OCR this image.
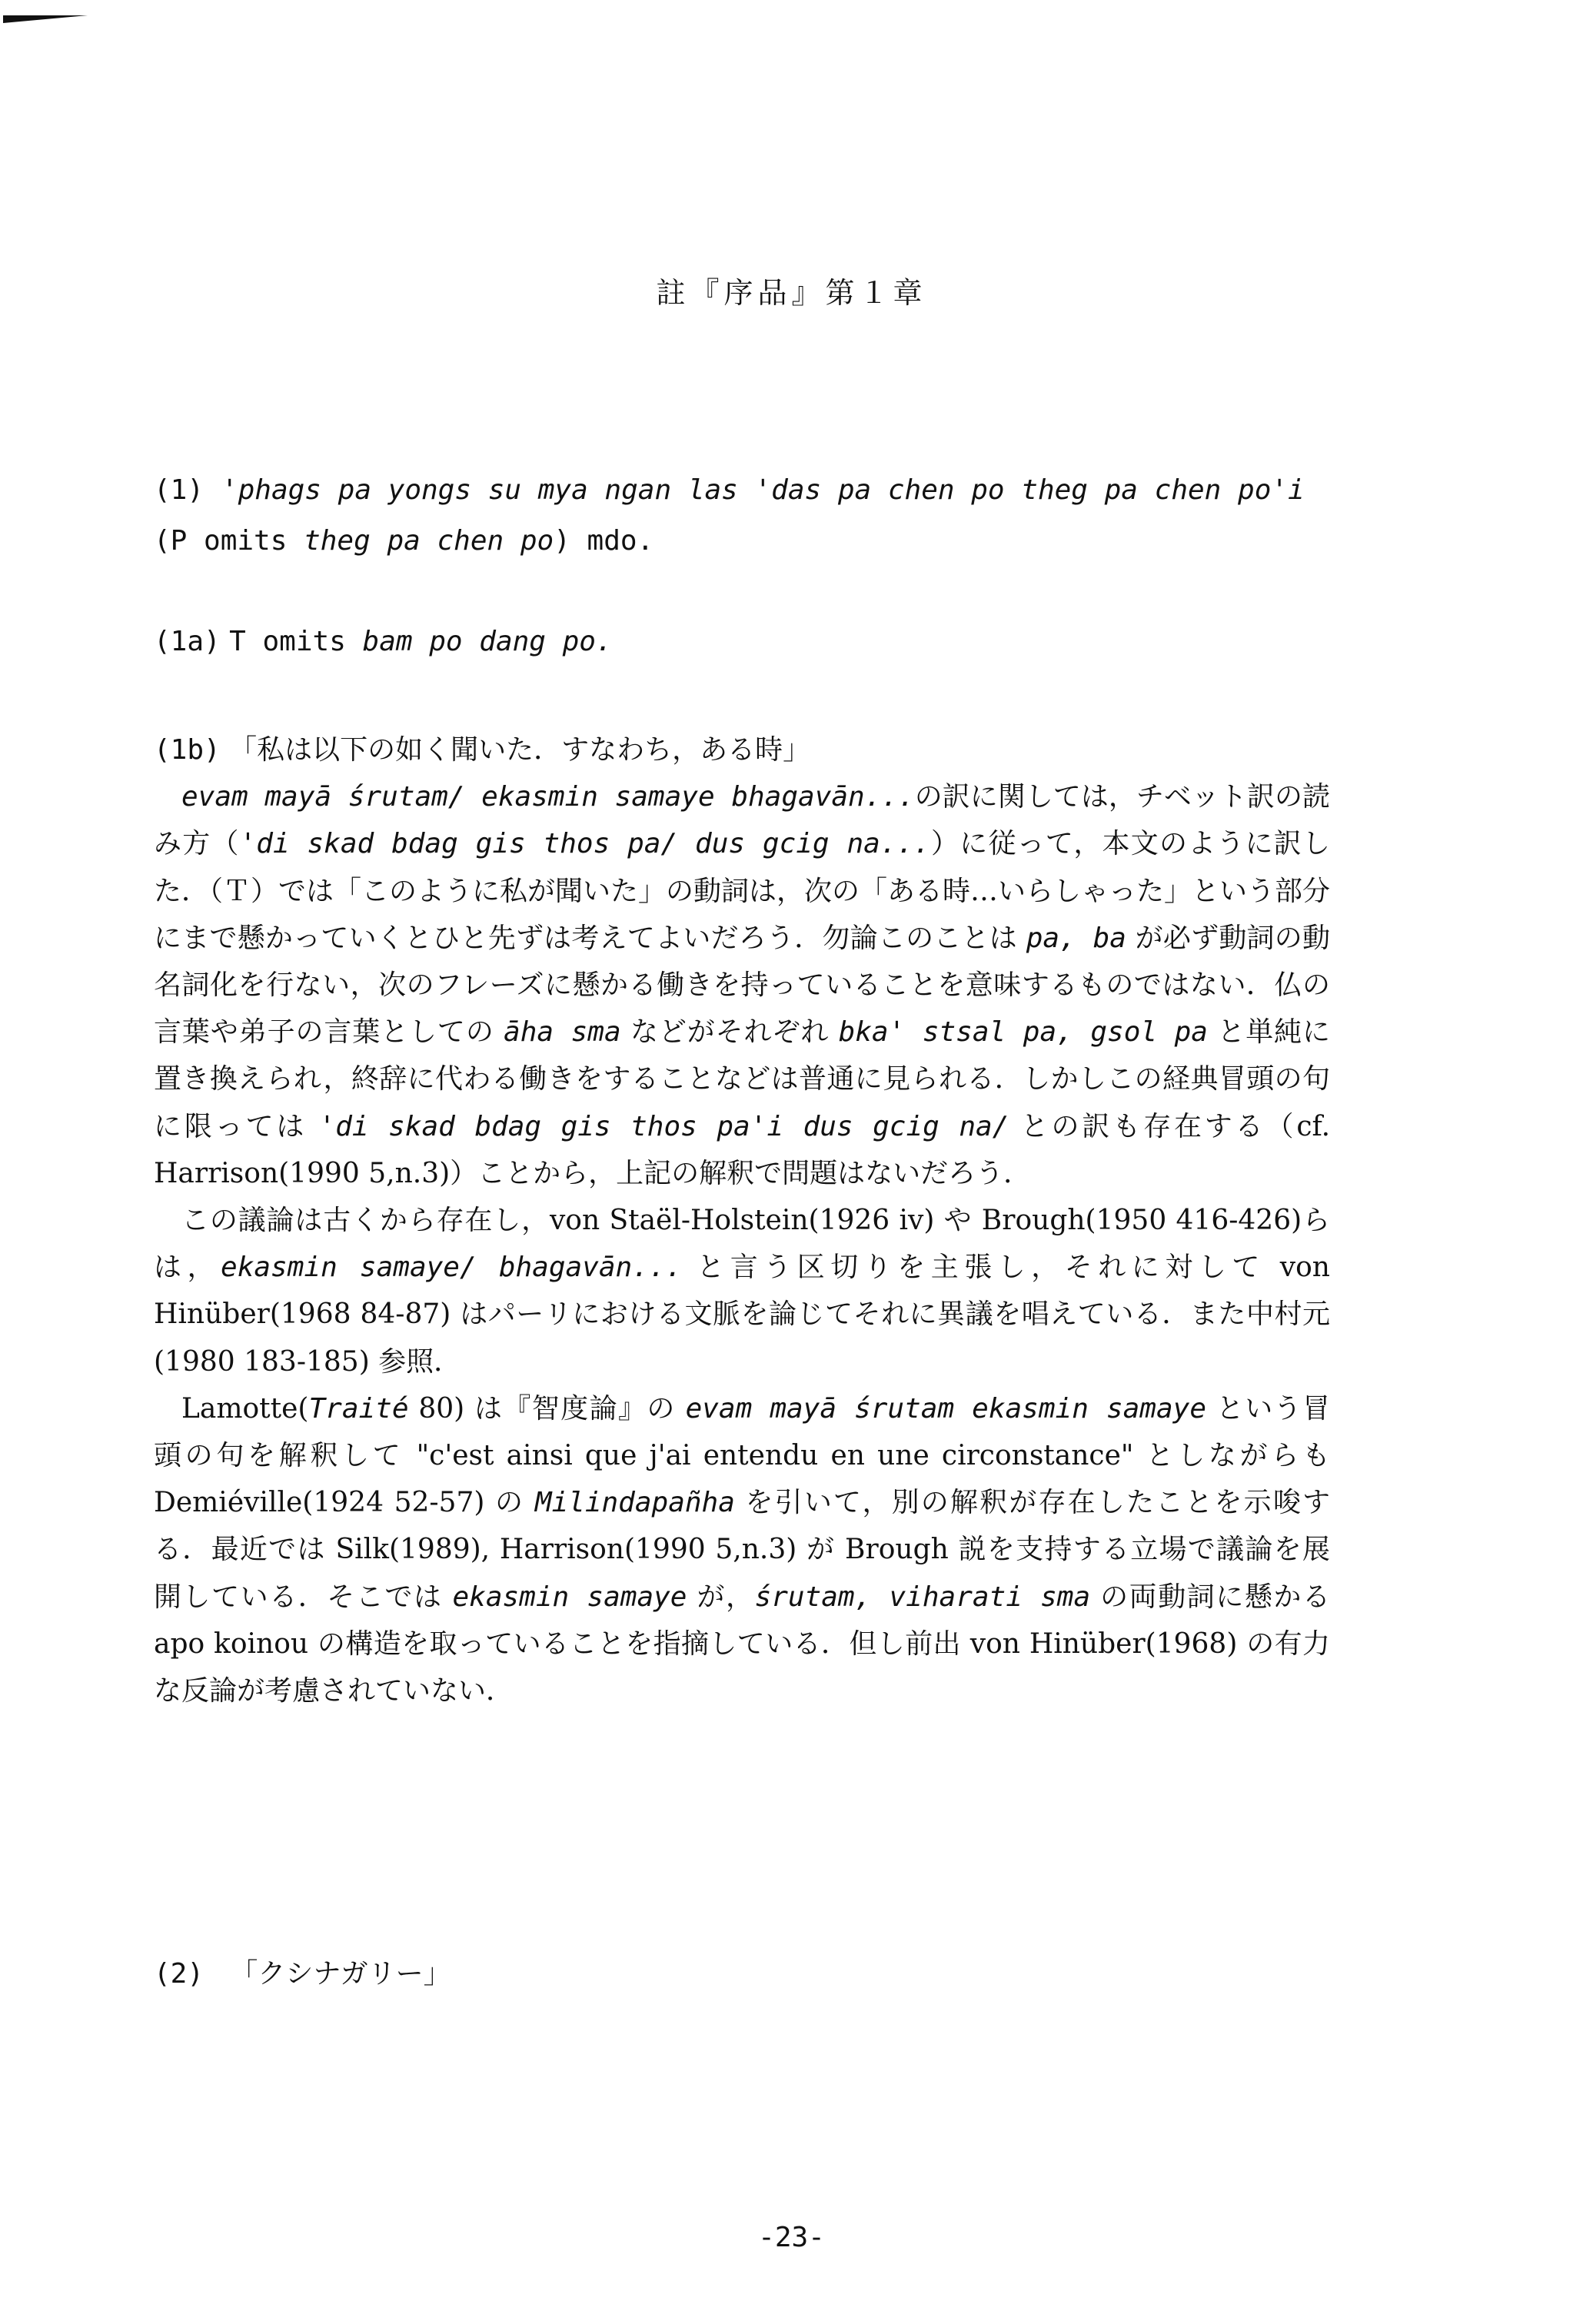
註『序品』第１章
(1) 'phags pa yongs su mya ngan las 'das pa chen po theg pa chen po'i
(P omits theg pa chen po) mdo.
(1a) T omits bam po dang po.

(1b) 「私は以下の如く聞いた．すなわち，ある時」

evam mayā śrutam/ ekasmin samaye bhagavān...の訳に関しては，チベット訳の読み方（'di skad bdag gis thos pa/ dus gcig na...）に従って，本文のように訳した．（Ｔ）では「このように私が聞いた」の動詞は，次の「ある時…いらしゃった」という部分にまで懸かっていくとひと先ずは考えてよいだろう．勿論このことは pa, ba が必ず動詞の動名詞化を行ない，次のフレーズに懸かる働きを持っていることを意味するものではない．仏の言葉や弟子の言葉としての āha sma などがそれぞれ bka' stsal pa, gsol pa と単純に置き換えられ，終辞に代わる働きをすることなどは普通に見られる．しかしこの経典冒頭の句に限っては 'di skad bdag gis thos pa'i dus gcig na/ との訳も存在する（cf. Harrison(1990 5,n.3)）ことから，上記の解釈で問題はないだろう．

この議論は古くから存在し，von Staël-Holstein(1926 iv) や Brough(1950 416-426)らは，ekasmin samaye/ bhagavān... と言う区切りを主張し，それに対して von Hinüber(1968 84-87) はパーリにおける文脈を論じてそれに異議を唱えている．また中村元(1980 183-185) 参照．

Lamotte(Traité 80) は『智度論』の evam mayā śrutam ekasmin samaye という冒頭の句を解釈して "c'est ainsi que j'ai entendu en une circonstance" としながらも Demiéville(1924 52-57) の Milindapañha を引いて，別の解釈が存在したことを示唆する．最近では Silk(1989), Harrison(1990 5,n.3) が Brough 説を支持する立場で議論を展開している．そこでは ekasmin samaye が，śrutam, viharati sma の両動詞に懸かる apo koinou の構造を取っていることを指摘している．但し前出 von Hinüber(1968) の有力な反論が考慮されていない．

(2) 「クシナガリー」
-23-
